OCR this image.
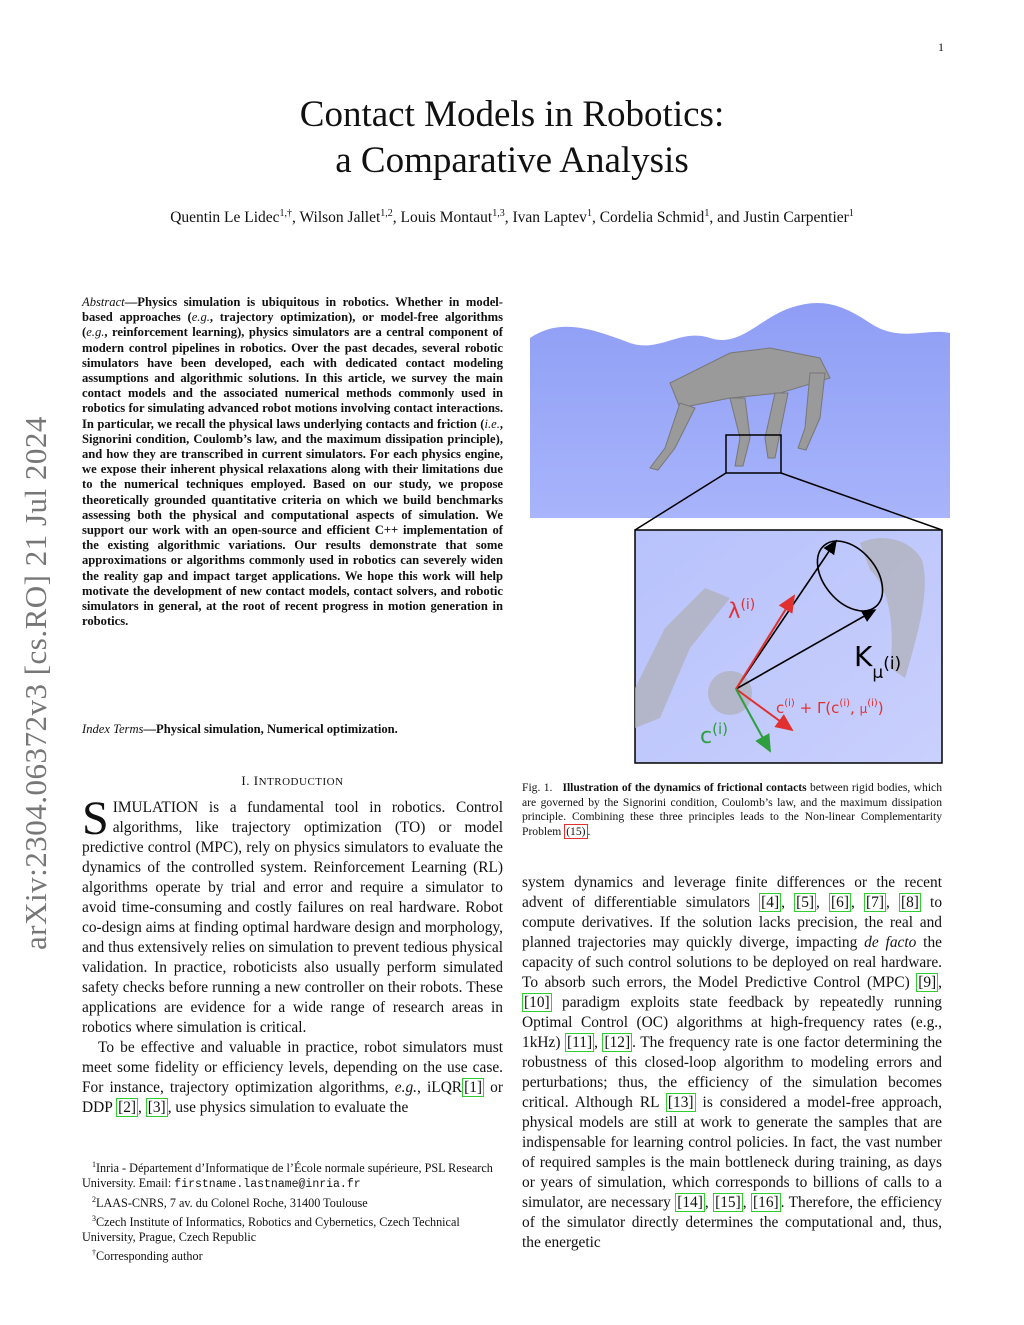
1
arXiv:2304.06372v3 [cs.RO] 21 Jul 2024
Contact Models in Robotics:
a Comparative Analysis
Quentin Le Lidec$^{1,\dagger}$, Wilson Jallet$^{1,2}$, Louis Montaut$^{1,3}$, Ivan Laptev$^1$, Cordelia Schmid$^1$, and Justin Carpentier$^1$
Abstract—Physics simulation is ubiquitous in robotics. Whether in model-based approaches (e.g., trajectory optimization), or model-free algorithms (e.g., reinforcement learning), physics simulators are a central component of modern control pipelines in robotics. Over the past decades, several robotic simulators have been developed, each with dedicated contact modeling assumptions and algorithmic solutions. In this article, we survey the main contact models and the associated numerical methods commonly used in robotics for simulating advanced robot motions involving contact interactions. In particular, we recall the physical laws underlying contacts and friction (i.e., Signorini condition, Coulomb’s law, and the maximum dissipation principle), and how they are transcribed in current simulators. For each physics engine, we expose their inherent physical relaxations along with their limitations due to the numerical techniques employed. Based on our study, we propose theoretically grounded quantitative criteria on which we build benchmarks assessing both the physical and computational aspects of simulation. We support our work with an open-source and efficient C++ implementation of the existing algorithmic variations. Our results demonstrate that some approximations or algorithms commonly used in robotics can severely widen the reality gap and impact target applications. We hope this work will help motivate the development of new contact models, contact solvers, and robotic simulators in general, at the root of recent progress in motion generation in robotics.
Index Terms—Physical simulation, Numerical optimization.
I. INTRODUCTION

SIMULATION is a fundamental tool in robotics. Control algorithms, like trajectory optimization (TO) or model predictive control (MPC), rely on physics simulators to evaluate the dynamics of the controlled system. Reinforcement Learning (RL) algorithms operate by trial and error and require a simulator to avoid time-consuming and costly failures on real hardware. Robot co-design aims at finding optimal hardware design and morphology, and thus extensively relies on simulation to prevent tedious physical validation. In practice, roboticists also usually perform simulated safety checks before running a new controller on their robots. These applications are evidence for a wide range of research areas in robotics where simulation is critical.

To be effective and valuable in practice, robot simulators must meet some fidelity or efficiency levels, depending on the use case. For instance, trajectory optimization algorithms, e.g., iLQR [1] or DDP [2] , [3] , use physics simulation to evaluate the

$^1$Inria - Département d’Informatique de l’École normale supérieure, PSL Research University. Email: firstname.lastname@inria.fr
$^2$LAAS-CNRS, 7 av. du Colonel Roche, 31400 Toulouse
$^3$Czech Institute of Informatics, Robotics and Cybernetics, Czech Technical University, Prague, Czech Republic
†Corresponding author
$\lambda^{(i)}$
$K_\mu^{(i)}$
$c^{(i)}$
$c^{(i)} + \Gamma(c^{(i)}$, $\mu^{(i)}$)
Fig. 1. Illustration of the dynamics of frictional contacts between rigid bodies, which are governed by the Signorini condition, Coulomb’s law, and the maximum dissipation principle. Combining these three principles leads to the Non-linear Complementarity Problem (15) .
system dynamics and leverage finite differences or the recent advent of differentiable simulators [4] , [5] , [6] , [7] , [8] to compute derivatives. If the solution lacks precision, the real and planned trajectories may quickly diverge, impacting de facto the capacity of such control solutions to be deployed on real hardware. To absorb such errors, the Model Predictive Control (MPC) [9] , [10] paradigm exploits state feedback by repeatedly running Optimal Control (OC) algorithms at high-frequency rates (e.g., 1kHz) [11] , [12] . The frequency rate is one factor determining the robustness of this closed-loop algorithm to modeling errors and perturbations; thus, the efficiency of the simulation becomes critical. Although RL [13] is considered a model-free approach, physical models are still at work to generate the samples that are indispensable for learning control policies. In fact, the vast number of required samples is the main bottleneck during training, as days or years of simulation, which corresponds to billions of calls to a simulator, are necessary [14] , [15] , [16] . Therefore, the efficiency of the simulator directly determines the computational and, thus, the energetic
